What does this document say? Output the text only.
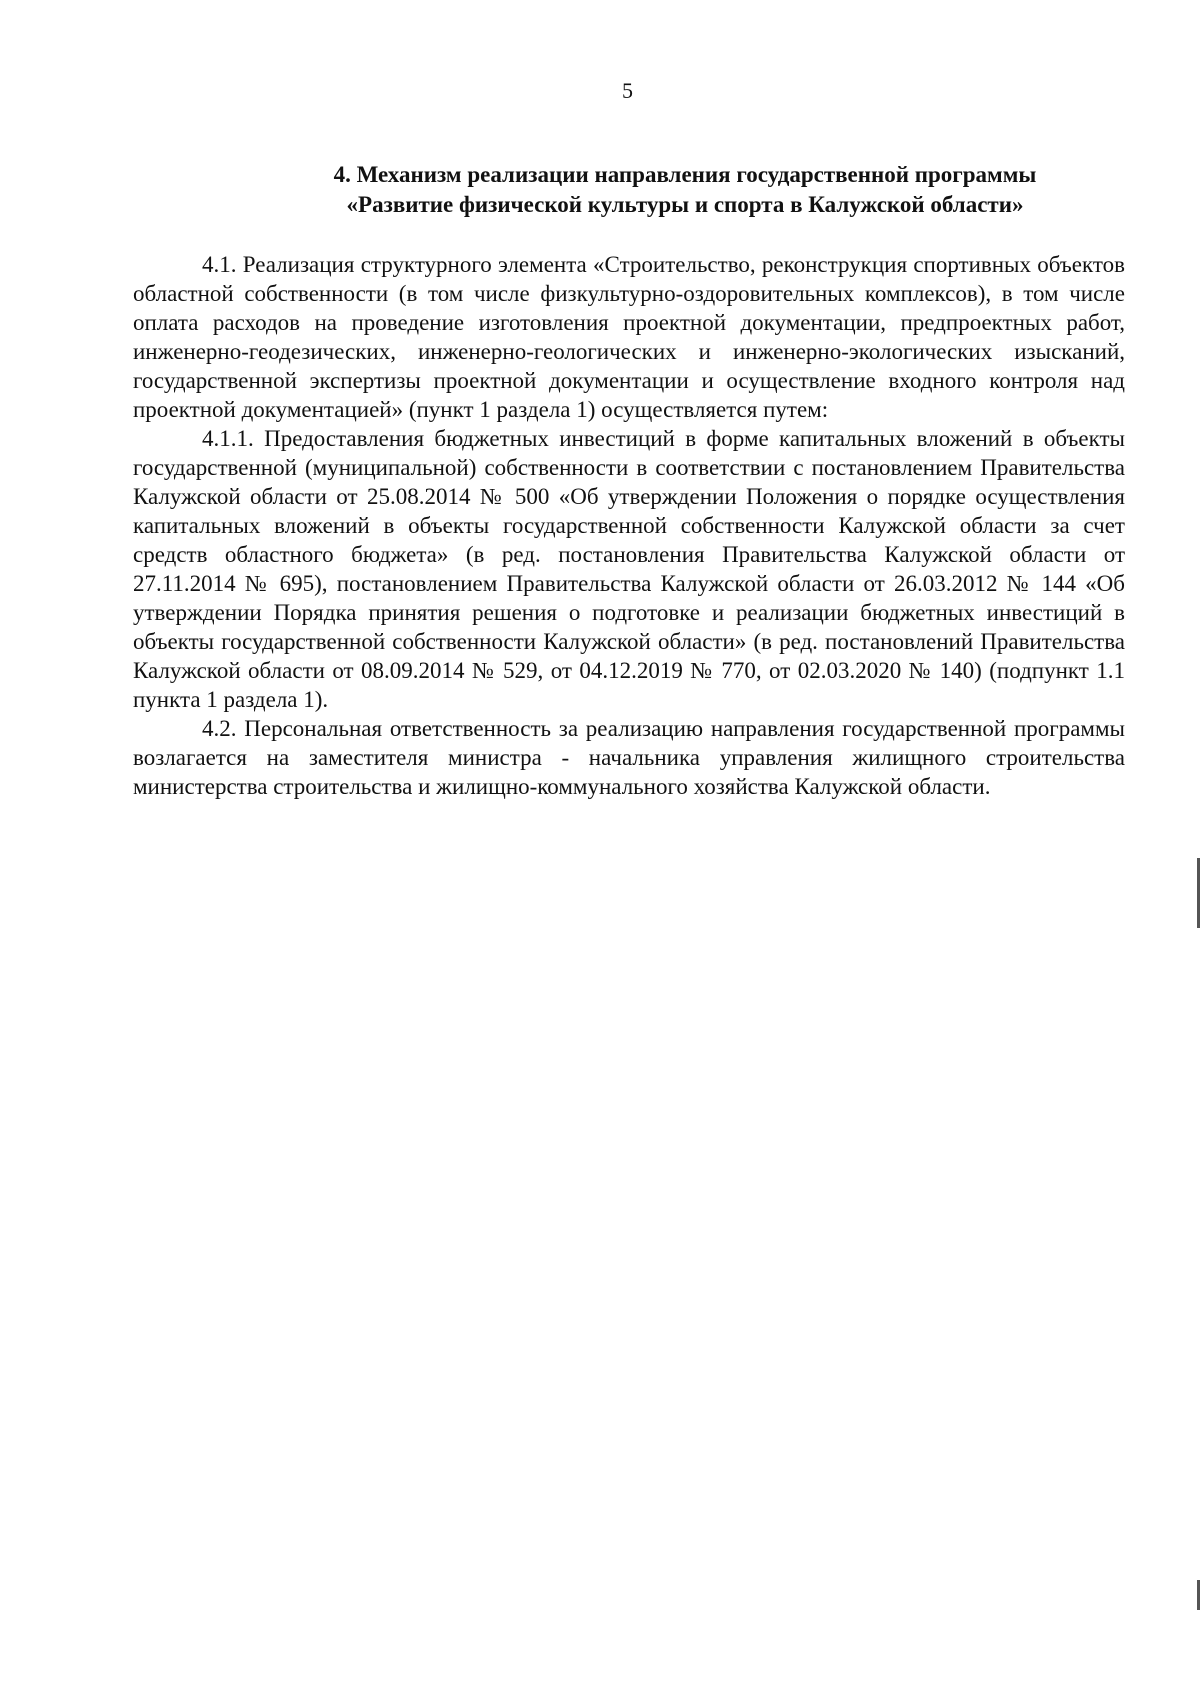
5
4. Механизм реализации направления государственной программы
«Развитие физической культуры и спорта в Калужской области»

4.1. Реализация структурного элемента «Строительство, реконструкция спортивных объектов областной собственности (в том числе физкультурно-оздоровительных комплексов), в том числе оплата расходов на проведение изготовления проектной документации, предпроектных работ, инженерно-геодезических, инженерно-геологических и инженерно-экологических изысканий, государственной экспертизы проектной документации и осуществление входного контроля над проектной документацией» (пункт 1 раздела 1) осуществляется путем:

4.1.1. Предоставления бюджетных инвестиций в форме капитальных вложений в объекты государственной (муниципальной) собственности в соответствии с постановлением Правительства Калужской области от 25.08.2014 № 500 «Об утверждении Положения о порядке осуществления капитальных вложений в объекты государственной собственности Калужской области за счет средств областного бюджета» (в ред. постановления Правительства Калужской области от 27.11.2014 № 695), постановлением Правительства Калужской области от 26.03.2012 № 144 «Об утверждении Порядка принятия решения о подготовке и реализации бюджетных инвестиций в объекты государственной собственности Калужской области» (в ред. постановлений Правительства Калужской области от 08.09.2014 № 529, от 04.12.2019 № 770, от 02.03.2020 № 140) (подпункт 1.1 пункта 1 раздела 1).

4.2. Персональная ответственность за реализацию направления государственной программы возлагается на заместителя министра - начальника управления жилищного строительства министерства строительства и жилищно-коммунального хозяйства Калужской области.
